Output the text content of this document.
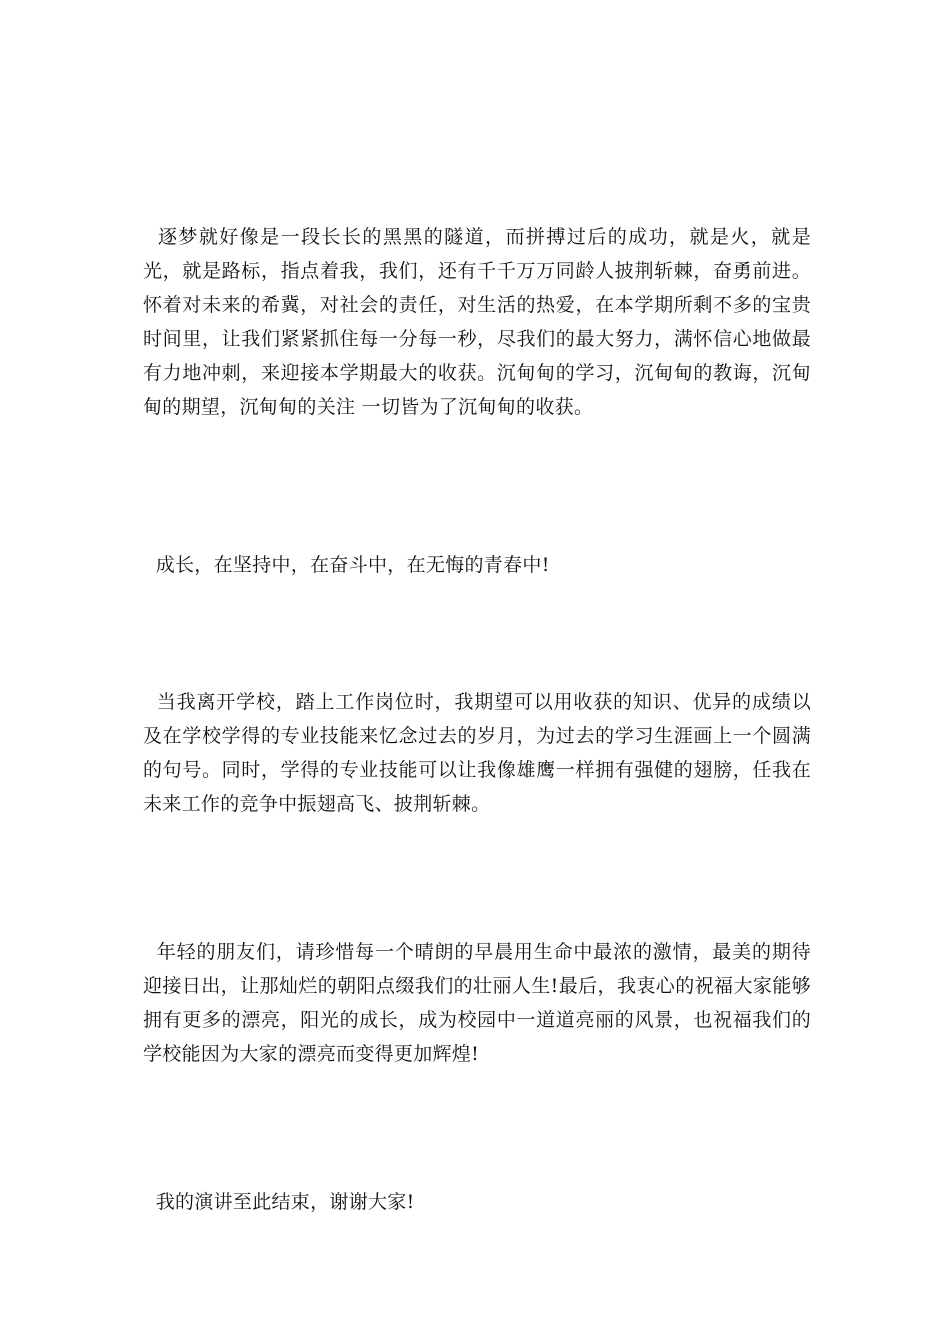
逐梦就好像是一段长长的黑黑的隧道，而拼搏过后的成功，就是火，就是光，就是路标，指点着我，我们，还有千千万万同龄人披荆斩棘，奋勇前进。怀着对未来的希冀，对社会的责任，对生活的热爱，在本学期所剩不多的宝贵时间里，让我们紧紧抓住每一分每一秒，尽我们的最大努力，满怀信心地做最有力地冲刺，来迎接本学期最大的收获。沉甸甸的学习，沉甸甸的教诲，沉甸甸的期望，沉甸甸的关注 一切皆为了沉甸甸的收获。

成长，在坚持中，在奋斗中，在无悔的青春中!

当我离开学校，踏上工作岗位时，我期望可以用收获的知识、优异的成绩以及在学校学得的专业技能来忆念过去的岁月，为过去的学习生涯画上一个圆满的句号。同时，学得的专业技能可以让我像雄鹰一样拥有强健的翅膀，任我在未来工作的竞争中振翅高飞、披荆斩棘。

年轻的朋友们，请珍惜每一个晴朗的早晨用生命中最浓的激情，最美的期待迎接日出，让那灿烂的朝阳点缀我们的壮丽人生!最后，我衷心的祝福大家能够拥有更多的漂亮，阳光的成长，成为校园中一道道亮丽的风景，也祝福我们的学校能因为大家的漂亮而变得更加辉煌!

我的演讲至此结束，谢谢大家!
